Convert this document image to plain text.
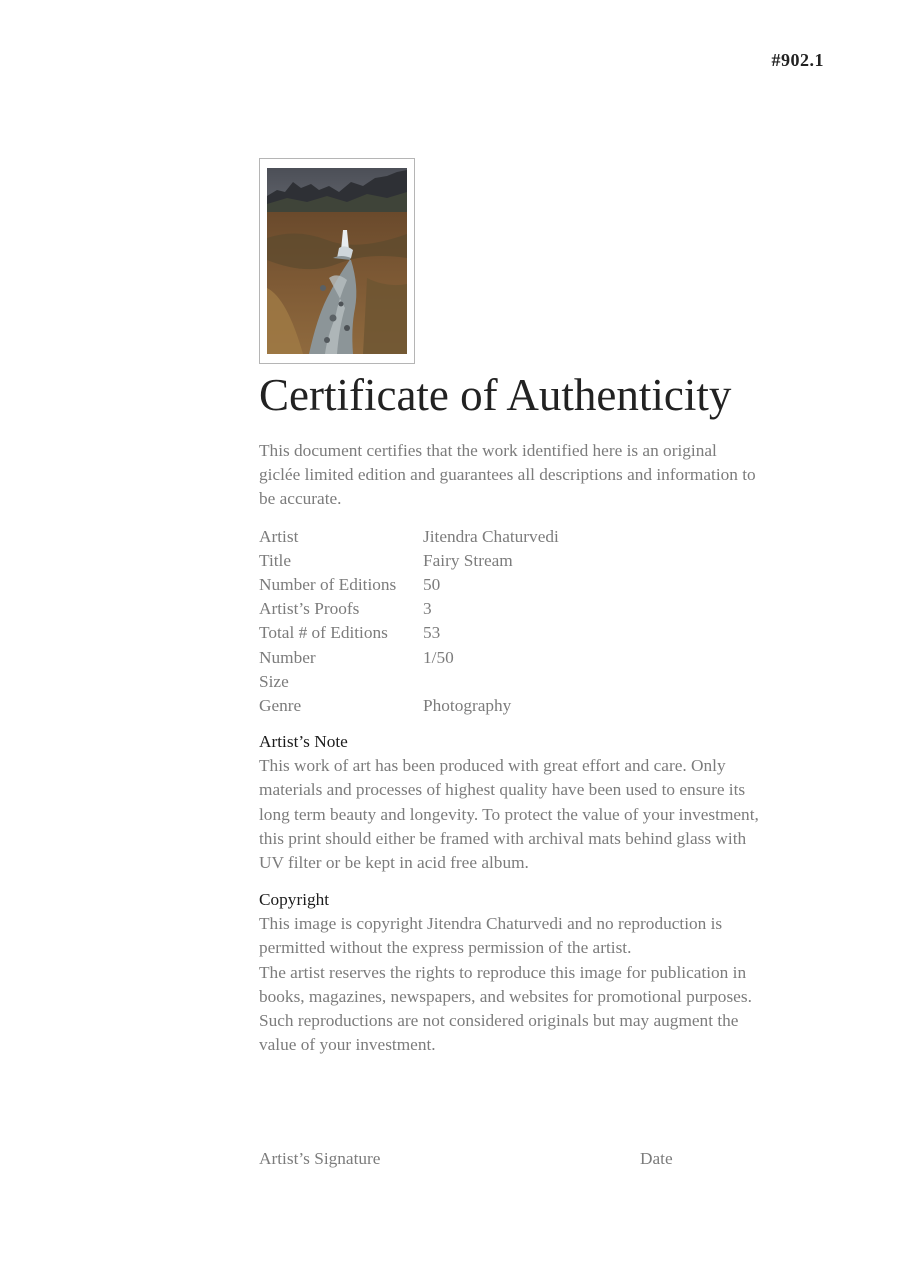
#902.1
Certificate of Authenticity

This document certifies that the work identified here is an original giclée limited edition and guarantees all descriptions and information to be accurate.

Artist	Jitendra Chaturvedi
Title	Fairy Stream
Number of Editions	50
Artist’s Proofs	3
Total # of Editions	53
Number	1/50
Size	
Genre	Photography
Artist’s Note

This work of art has been produced with great effort and care. Only materials and processes of highest quality have been used to ensure its long term beauty and longevity. To protect the value of your investment, this print should either be framed with archival mats behind glass with UV filter or be kept in acid free album.

Copyright

This image is copyright Jitendra Chaturvedi and no reproduction is permitted without the express permission of the artist.

The artist reserves the rights to reproduce this image for publication in books, magazines, newspapers, and websites for promotional purposes. Such reproductions are not considered originals but may augment the value of your investment.

Artist’s Signature	Date
